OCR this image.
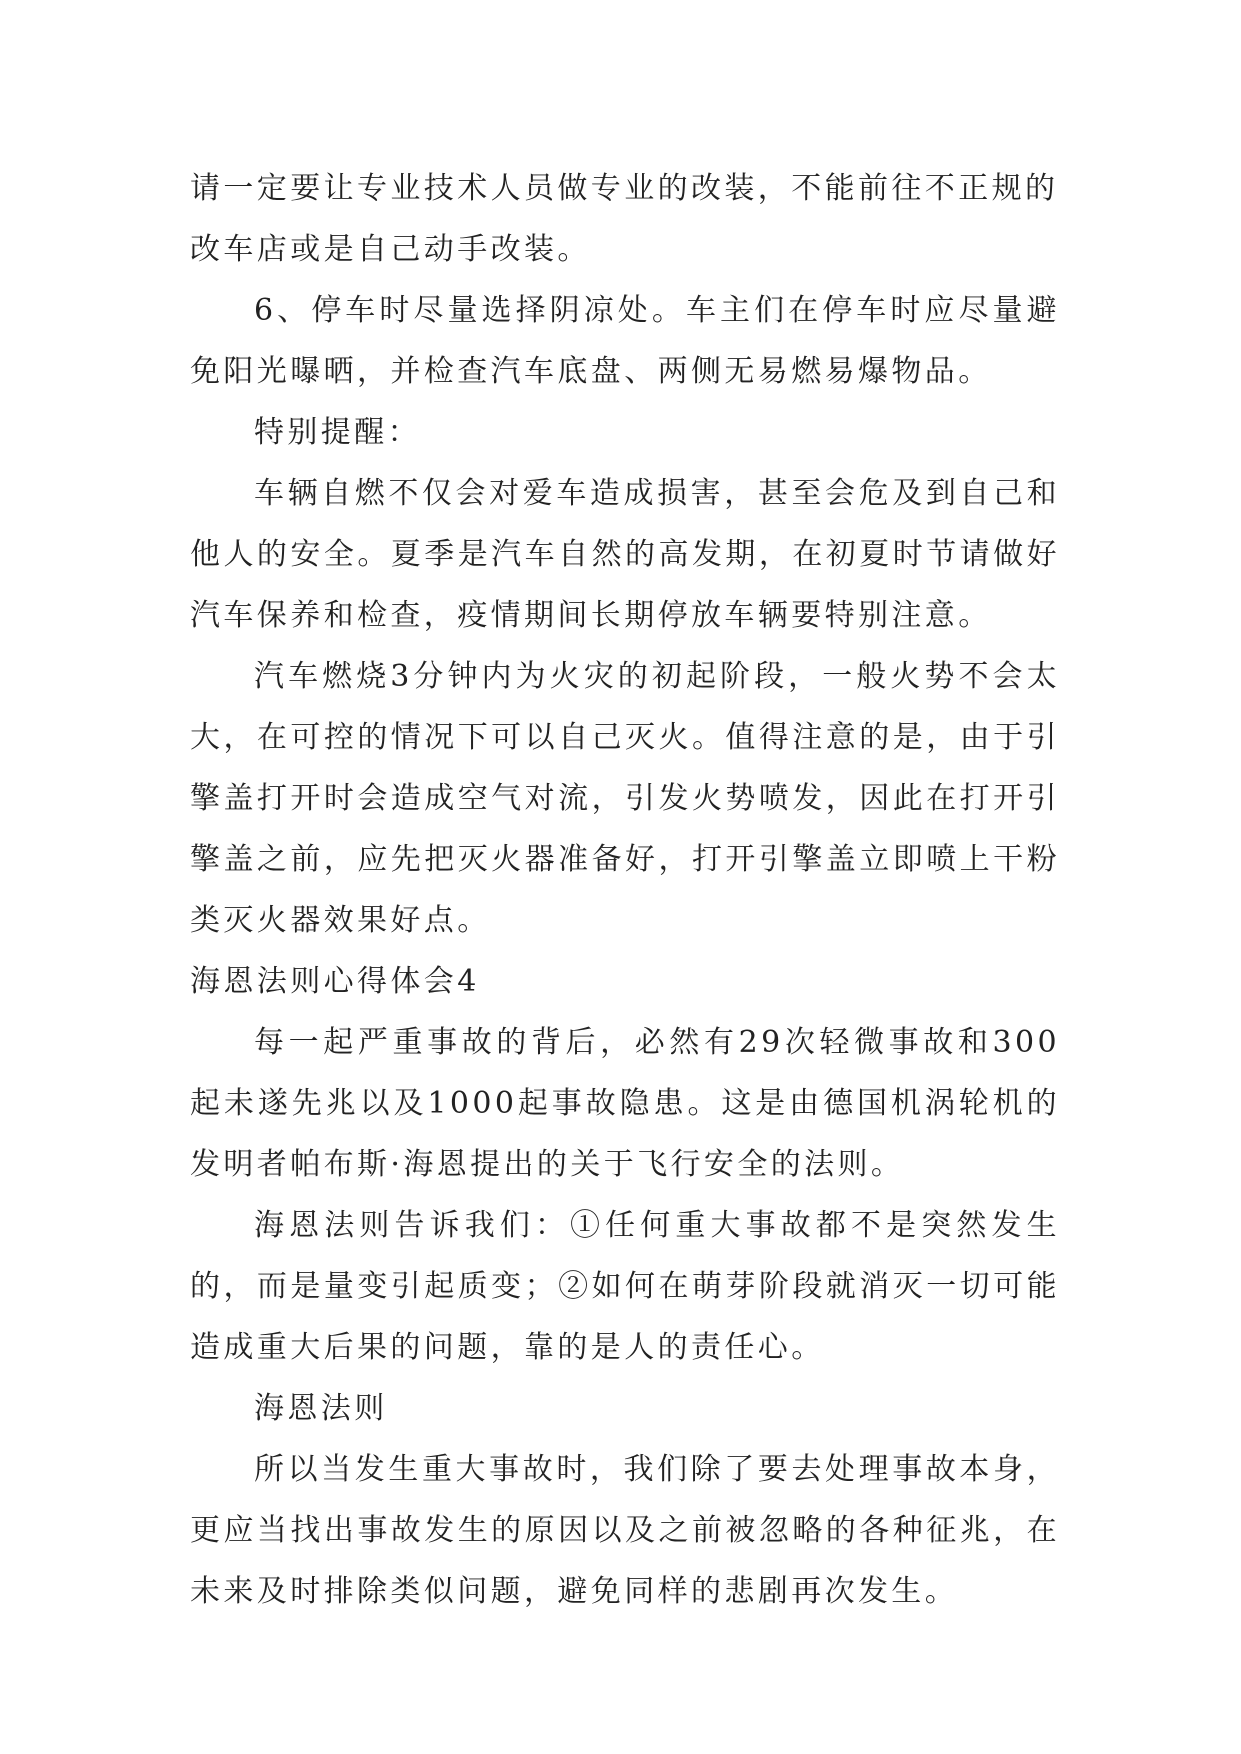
请一定要让专业技术人员做专业的改装，不能前往不正规的改车店或是自己动手改装。

6、停车时尽量选择阴凉处。车主们在停车时应尽量避免阳光曝晒，并检查汽车底盘、两侧无易燃易爆物品。

特别提醒：

车辆自燃不仅会对爱车造成损害，甚至会危及到自己和他人的安全。夏季是汽车自然的高发期，在初夏时节请做好汽车保养和检查，疫情期间长期停放车辆要特别注意。

汽车燃烧3分钟内为火灾的初起阶段，一般火势不会太大，在可控的情况下可以自己灭火。值得注意的是，由于引擎盖打开时会造成空气对流，引发火势喷发，因此在打开引擎盖之前，应先把灭火器准备好，打开引擎盖立即喷上干粉类灭火器效果好点。

海恩法则心得体会4

每一起严重事故的背后，必然有29次轻微事故和300起未遂先兆以及1000起事故隐患。这是由德国机涡轮机的发明者帕布斯·海恩提出的关于飞行安全的法则。

海恩法则告诉我们：①任何重大事故都不是突然发生的，而是量变引起质变；②如何在萌芽阶段就消灭一切可能造成重大后果的问题，靠的是人的责任心。

海恩法则

所以当发生重大事故时，我们除了要去处理事故本身，更应当找出事故发生的原因以及之前被忽略的各种征兆，在未来及时排除类似问题，避免同样的悲剧再次发生。
